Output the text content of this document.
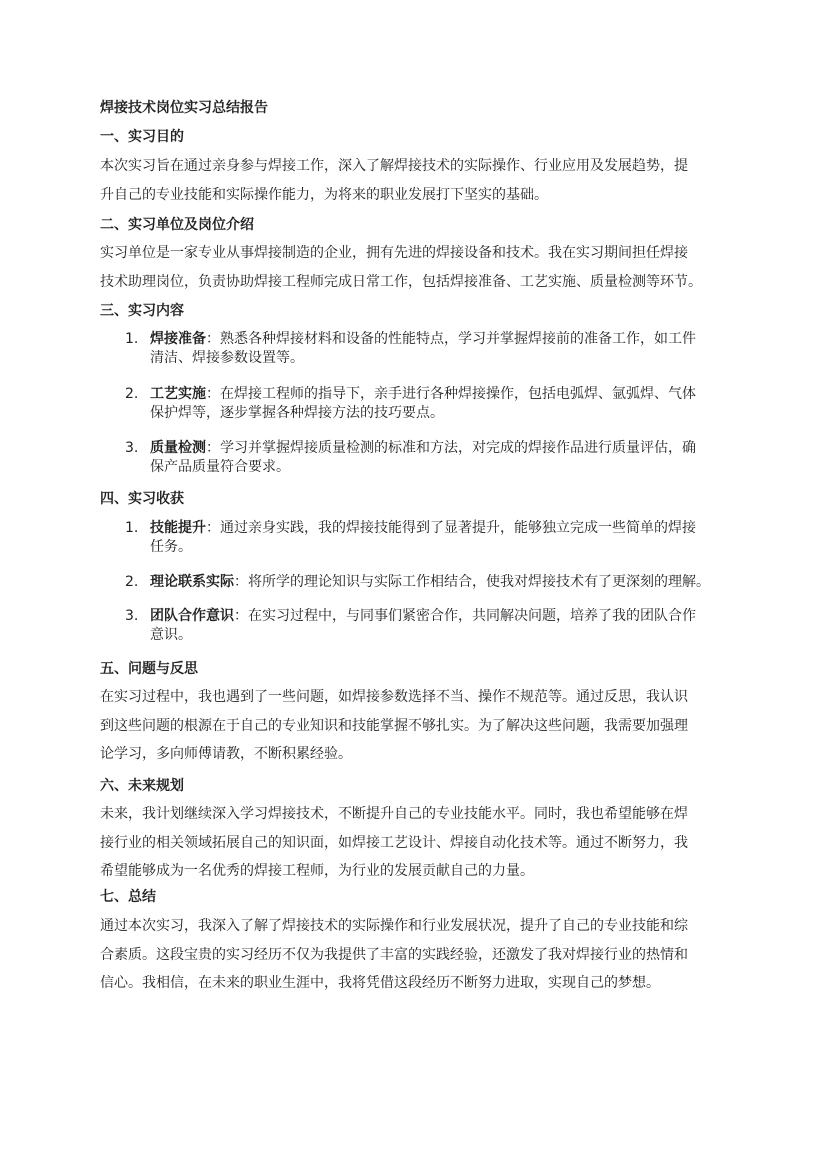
焊接技术岗位实习总结报告
一、实习目的
本次实习旨在通过亲身参与焊接工作，深入了解焊接技术的实际操作、行业应用及发展趋势，提
升自己的专业技能和实际操作能力，为将来的职业发展打下坚实的基础。
二、实习单位及岗位介绍
实习单位是一家专业从事焊接制造的企业，拥有先进的焊接设备和技术。我在实习期间担任焊接
技术助理岗位，负责协助焊接工程师完成日常工作，包括焊接准备、工艺实施、质量检测等环节。
三、实习内容
1. 焊接准备：熟悉各种焊接材料和设备的性能特点，学习并掌握焊接前的准备工作，如工件
清洁、焊接参数设置等。
2. 工艺实施：在焊接工程师的指导下，亲手进行各种焊接操作，包括电弧焊、氩弧焊、气体
保护焊等，逐步掌握各种焊接方法的技巧要点。
3. 质量检测：学习并掌握焊接质量检测的标准和方法，对完成的焊接作品进行质量评估，确
保产品质量符合要求。
四、实习收获
1. 技能提升：通过亲身实践，我的焊接技能得到了显著提升，能够独立完成一些简单的焊接
任务。
2. 理论联系实际：将所学的理论知识与实际工作相结合，使我对焊接技术有了更深刻的理解。
3. 团队合作意识：在实习过程中，与同事们紧密合作，共同解决问题，培养了我的团队合作
意识。
五、问题与反思
在实习过程中，我也遇到了一些问题，如焊接参数选择不当、操作不规范等。通过反思，我认识
到这些问题的根源在于自己的专业知识和技能掌握不够扎实。为了解决这些问题，我需要加强理
论学习，多向师傅请教，不断积累经验。
六、未来规划
未来，我计划继续深入学习焊接技术，不断提升自己的专业技能水平。同时，我也希望能够在焊
接行业的相关领域拓展自己的知识面，如焊接工艺设计、焊接自动化技术等。通过不断努力，我
希望能够成为一名优秀的焊接工程师，为行业的发展贡献自己的力量。
七、总结
通过本次实习，我深入了解了焊接技术的实际操作和行业发展状况，提升了自己的专业技能和综
合素质。这段宝贵的实习经历不仅为我提供了丰富的实践经验，还激发了我对焊接行业的热情和
信心。我相信，在未来的职业生涯中，我将凭借这段经历不断努力进取，实现自己的梦想。
